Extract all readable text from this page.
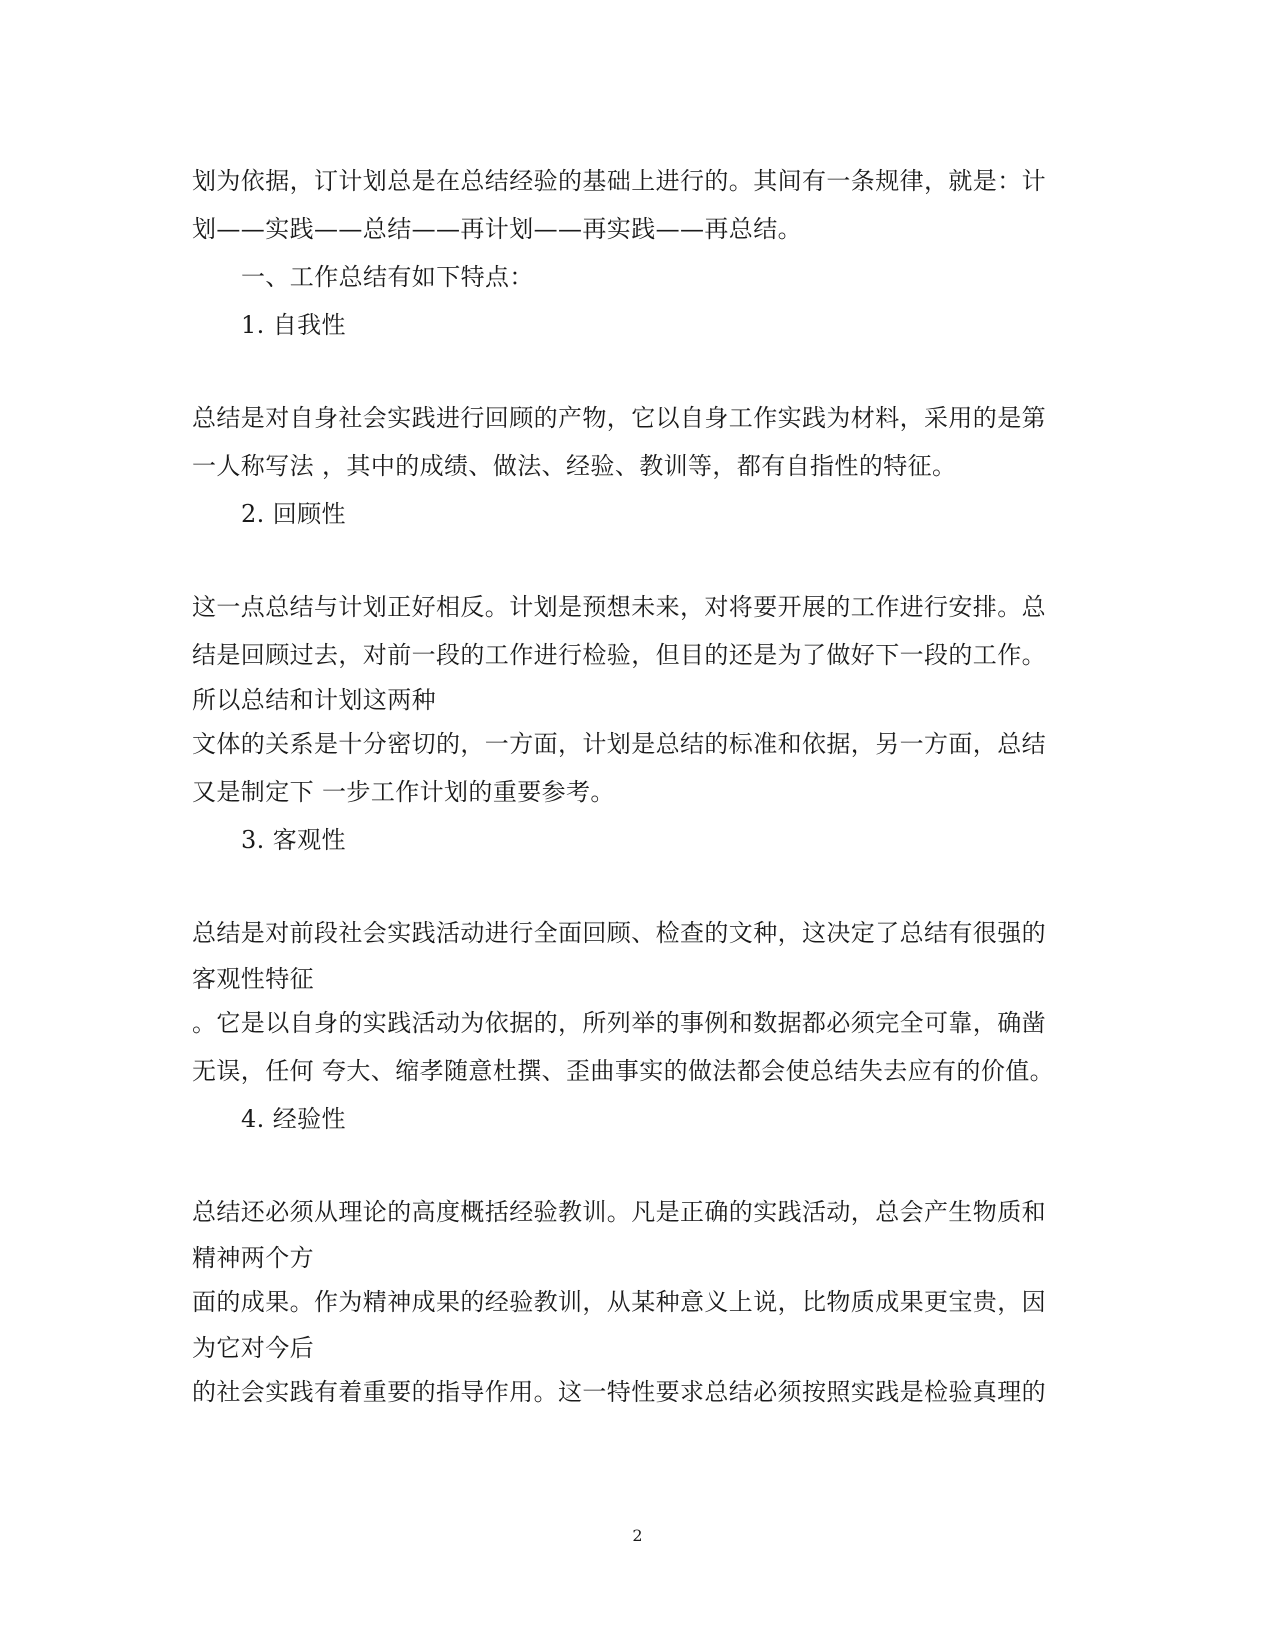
划为依据，订计划总是在总结经验的基础上进行的。其间有一条规律，就是：计
划——实践——总结——再计划——再实践——再总结。
一、工作总结有如下特点：
1. 自我性
总结是对自身社会实践进行回顾的产物，它以自身工作实践为材料，采用的是第
一人称写法 ，其中的成绩、做法、经验、教训等，都有自指性的特征。
2. 回顾性
这一点总结与计划正好相反。计划是预想未来，对将要开展的工作进行安排。总
结是回顾过去，对前一段的工作进行检验，但目的还是为了做好下一段的工作。
所以总结和计划这两种
文体的关系是十分密切的，一方面，计划是总结的标准和依据，另一方面，总结
又是制定下 一步工作计划的重要参考。
3. 客观性
总结是对前段社会实践活动进行全面回顾、检查的文种，这决定了总结有很强的
客观性特征
。它是以自身的实践活动为依据的，所列举的事例和数据都必须完全可靠，确凿
无误，任何 夸大、缩孝随意杜撰、歪曲事实的做法都会使总结失去应有的价值。
4. 经验性
总结还必须从理论的高度概括经验教训。凡是正确的实践活动，总会产生物质和
精神两个方
面的成果。作为精神成果的经验教训，从某种意义上说，比物质成果更宝贵，因
为它对今后
的社会实践有着重要的指导作用。这一特性要求总结必须按照实践是检验真理的
2
